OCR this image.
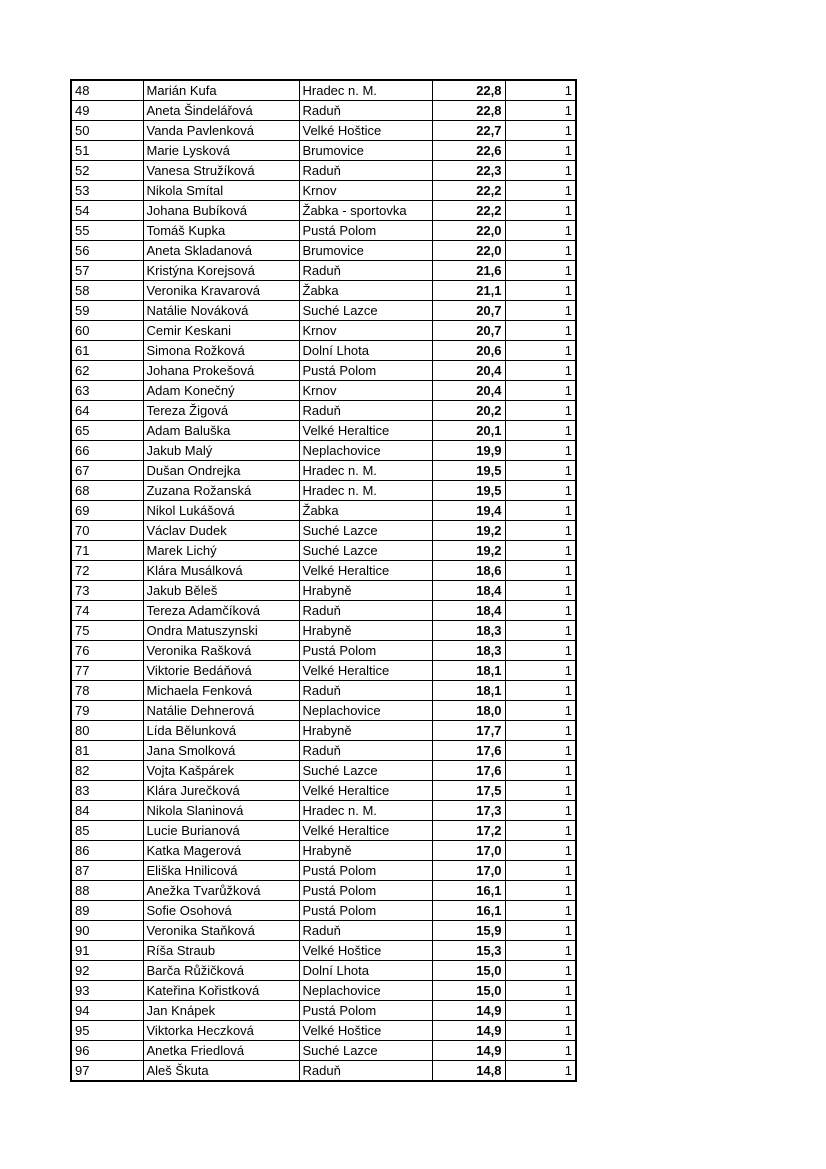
48	Marián Kufa	Hradec n. M.	22,8	1
49	Aneta Šindelářová	Raduň	22,8	1
50	Vanda Pavlenková	Velké Hoštice	22,7	1
51	Marie Lysková	Brumovice	22,6	1
52	Vanesa Stružíková	Raduň	22,3	1
53	Nikola Smítal	Krnov	22,2	1
54	Johana Bubíková	Žabka - sportovka	22,2	1
55	Tomáš Kupka	Pustá Polom	22,0	1
56	Aneta Skladanová	Brumovice	22,0	1
57	Kristýna Korejsová	Raduň	21,6	1
58	Veronika Kravarová	Žabka	21,1	1
59	Natálie Nováková	Suché Lazce	20,7	1
60	Cemir Keskani	Krnov	20,7	1
61	Simona Rožková	Dolní Lhota	20,6	1
62	Johana Prokešová	Pustá Polom	20,4	1
63	Adam Konečný	Krnov	20,4	1
64	Tereza Žigová	Raduň	20,2	1
65	Adam Baluška	Velké Heraltice	20,1	1
66	Jakub Malý	Neplachovice	19,9	1
67	Dušan Ondrejka	Hradec n. M.	19,5	1
68	Zuzana Rožanská	Hradec n. M.	19,5	1
69	Nikol Lukášová	Žabka	19,4	1
70	Václav Dudek	Suché Lazce	19,2	1
71	Marek Lichý	Suché Lazce	19,2	1
72	Klára Musálková	Velké Heraltice	18,6	1
73	Jakub Běleš	Hrabyně	18,4	1
74	Tereza Adamčíková	Raduň	18,4	1
75	Ondra Matuszynski	Hrabyně	18,3	1
76	Veronika Rašková	Pustá Polom	18,3	1
77	Viktorie Bedáňová	Velké Heraltice	18,1	1
78	Michaela Fenková	Raduň	18,1	1
79	Natálie Dehnerová	Neplachovice	18,0	1
80	Lída Bělunková	Hrabyně	17,7	1
81	Jana Smolková	Raduň	17,6	1
82	Vojta Kašpárek	Suché Lazce	17,6	1
83	Klára Jurečková	Velké Heraltice	17,5	1
84	Nikola Slaninová	Hradec n. M.	17,3	1
85	Lucie Burianová	Velké Heraltice	17,2	1
86	Katka Magerová	Hrabyně	17,0	1
87	Eliška Hnilicová	Pustá Polom	17,0	1
88	Anežka Tvarůžková	Pustá Polom	16,1	1
89	Sofie Osohová	Pustá Polom	16,1	1
90	Veronika Staňková	Raduň	15,9	1
91	Ríša Straub	Velké Hoštice	15,3	1
92	Barča Růžičková	Dolní Lhota	15,0	1
93	Kateřina Kořistková	Neplachovice	15,0	1
94	Jan Knápek	Pustá Polom	14,9	1
95	Viktorka Heczková	Velké Hoštice	14,9	1
96	Anetka Friedlová	Suché Lazce	14,9	1
97	Aleš Škuta	Raduň	14,8	1
